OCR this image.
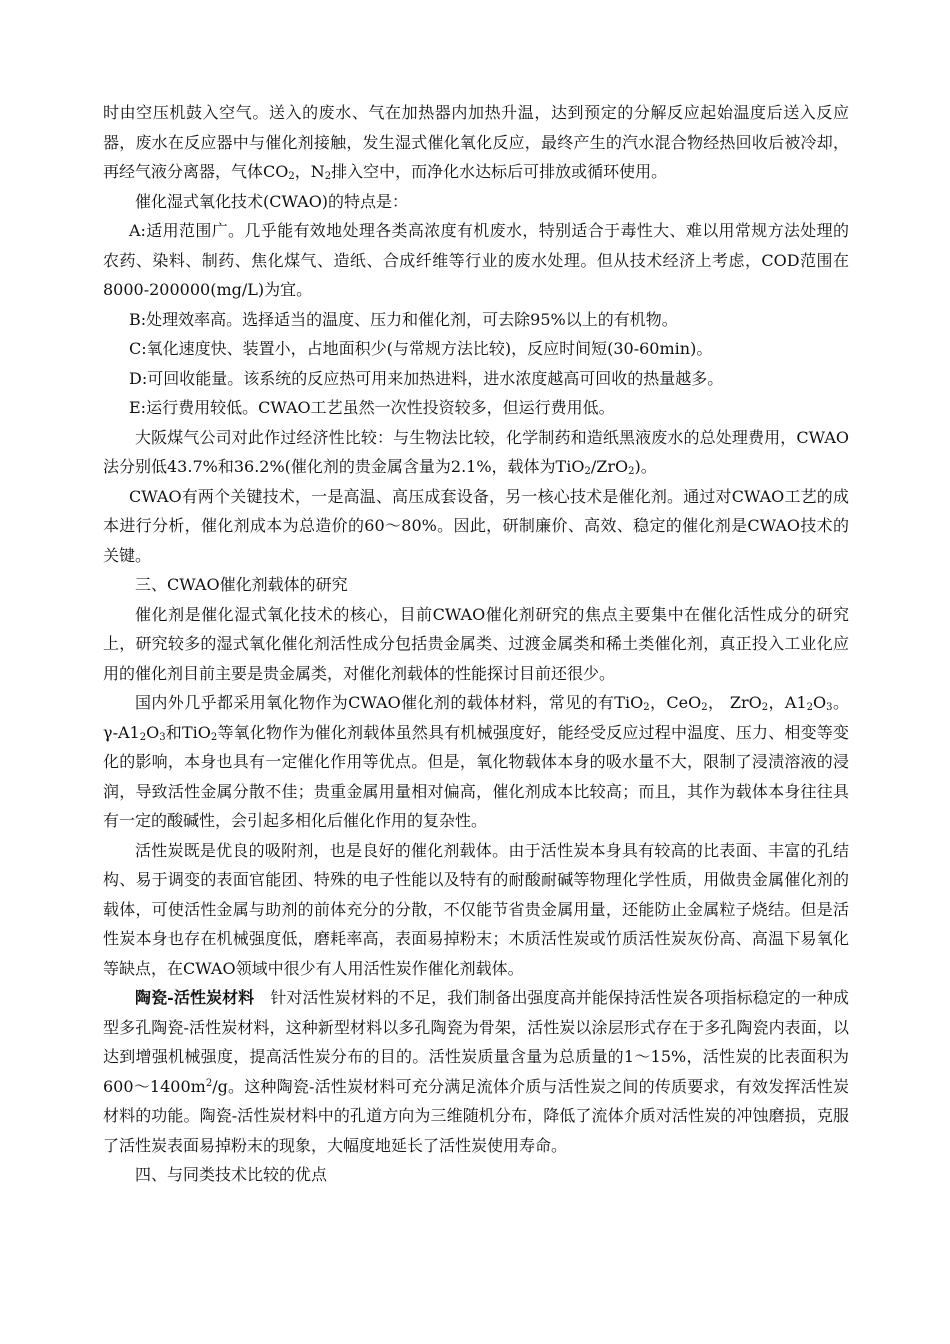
时由空压机鼓入空气。送入的废水、气在加热器内加热升温，达到预定的分解反应起始温度后送入反应器，废水在反应器中与催化剂接触，发生湿式催化氧化反应，最终产生的汽水混合物经热回收后被冷却，再经气液分离器，气体$CO_2$，$N_2$排入空中，而净化水达标后可排放或循环使用。

催化湿式氧化技术(CWAO)的特点是：

A:适用范围广。几乎能有效地处理各类高浓度有机废水，特别适合于毒性大、难以用常规方法处理的农药、染料、制药、焦化煤气、造纸、合成纤维等行业的废水处理。但从技术经济上考虑，COD范围在8000-200000(mg/L)为宜。

B:处理效率高。选择适当的温度、压力和催化剂，可去除95%以上的有机物。

C:氧化速度快、装置小，占地面积少(与常规方法比较)，反应时间短(30-60min)。

D:可回收能量。该系统的反应热可用来加热进料，进水浓度越高可回收的热量越多。

E:运行费用较低。CWAO工艺虽然一次性投资较多，但运行费用低。

大阪煤气公司对此作过经济性比较：与生物法比较，化学制药和造纸黑液废水的总处理费用，CWAO法分别低43.7%和36.2%(催化剂的贵金属含量为2.1%，载体为TiO$_2$/ZrO$_2$)。

CWAO有两个关键技术，一是高温、高压成套设备，另一核心技术是催化剂。通过对CWAO工艺的成本进行分析，催化剂成本为总造价的60～80%。因此，研制廉价、高效、稳定的催化剂是CWAO技术的关键。

三、CWAO催化剂载体的研究

催化剂是催化湿式氧化技术的核心，目前CWAO催化剂研究的焦点主要集中在催化活性成分的研究上，研究较多的湿式氧化催化剂活性成分包括贵金属类、过渡金属类和稀土类催化剂，真正投入工业化应用的催化剂目前主要是贵金属类，对催化剂载体的性能探讨目前还很少。

国内外几乎都采用氧化物作为CWAO催化剂的载体材料，常见的有TiO$_2$，CeO$_2$， ZrO$_2$，$A1_2O_3$。$\gamma-A1_2O_3$和TiO$_2$等氧化物作为催化剂载体虽然具有机械强度好，能经受反应过程中温度、压力、相变等变化的影响，本身也具有一定催化作用等优点。但是，氧化物载体本身的吸水量不大，限制了浸渍溶液的浸润，导致活性金属分散不佳；贵重金属用量相对偏高，催化剂成本比较高；而且，其作为载体本身往往具有一定的酸碱性，会引起多相化后催化作用的复杂性。

活性炭既是优良的吸附剂，也是良好的催化剂载体。由于活性炭本身具有较高的比表面、丰富的孔结构、易于调变的表面官能团、特殊的电子性能以及特有的耐酸耐碱等物理化学性质，用做贵金属催化剂的载体，可使活性金属与助剂的前体充分的分散，不仅能节省贵金属用量，还能防止金属粒子烧结。但是活性炭本身也存在机械强度低，磨耗率高，表面易掉粉末；木质活性炭或竹质活性炭灰份高、高温下易氧化等缺点，在CWAO领域中很少有人用活性炭作催化剂载体。

陶瓷-活性炭材料　针对活性炭材料的不足，我们制备出强度高并能保持活性炭各项指标稳定的一种成型多孔陶瓷-活性炭材料，这种新型材料以多孔陶瓷为骨架，活性炭以涂层形式存在于多孔陶瓷内表面，以达到增强机械强度，提高活性炭分布的目的。活性炭质量含量为总质量的1～15%，活性炭的比表面积为$600\sim 1400m^2/g$。这种陶瓷-活性炭材料可充分满足流体介质与活性炭之间的传质要求，有效发挥活性炭材料的功能。陶瓷-活性炭材料中的孔道方向为三维随机分布，降低了流体介质对活性炭的冲蚀磨损，克服了活性炭表面易掉粉末的现象，大幅度地延长了活性炭使用寿命。

四、与同类技术比较的优点
